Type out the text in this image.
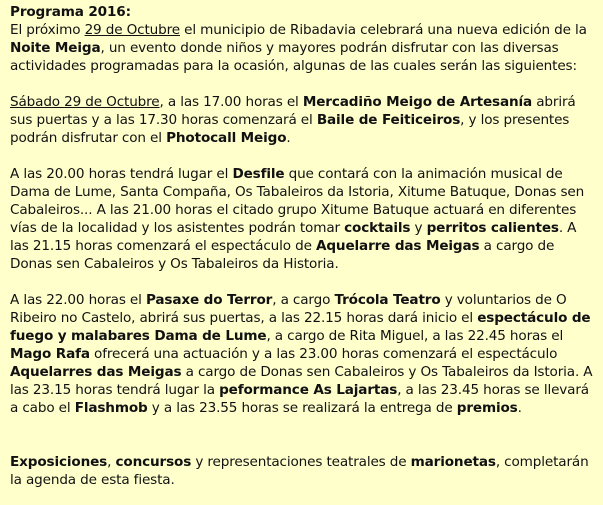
Programa 2016:

El próximo 29 de Octubre el municipio de Ribadavia celebrará una nueva edición de la Noite Meiga, un evento donde niños y mayores podrán disfrutar con las diversas actividades programadas para la ocasión, algunas de las cuales serán las siguientes:

Sábado 29 de Octubre, a las 17.00 horas el Mercadiño Meigo de Artesanía abrirá sus puertas y a las 17.30 horas comenzará el Baile de Feiticeiros, y los presentes podrán disfrutar con el Photocall Meigo.

A las 20.00 horas tendrá lugar el Desfile que contará con la animación musical de Dama de Lume, Santa Compaña, Os Tabaleiros da Istoria, Xitume Batuque, Donas sen Cabaleiros... A las 21.00 horas el citado grupo Xitume Batuque actuará en diferentes vías de la localidad y los asistentes podrán tomar cocktails y perritos calientes. A las 21.15 horas comenzará el espectáculo de Aquelarre das Meigas a cargo de Donas sen Cabaleiros y Os Tabaleiros da Historia.

A las 22.00 horas el Pasaxe do Terror, a cargo Trócola Teatro y voluntarios de O Ribeiro no Castelo, abrirá sus puertas, a las 22.15 horas dará inicio el espectáculo de fuego y malabares Dama de Lume, a cargo de Rita Miguel, a las 22.45 horas el Mago Rafa ofrecerá una actuación y a las 23.00 horas comenzará el espectáculo Aquelarres das Meigas a cargo de Donas sen Cabaleiros y Os Tabaleiros da Istoria. A las 23.15 horas tendrá lugar la peformance As Lajartas, a las 23.45 horas se llevará a cabo el Flashmob y a las 23.55 horas se realizará la entrega de premios.

Exposiciones, concursos y representaciones teatrales de marionetas, completarán la agenda de esta fiesta.
